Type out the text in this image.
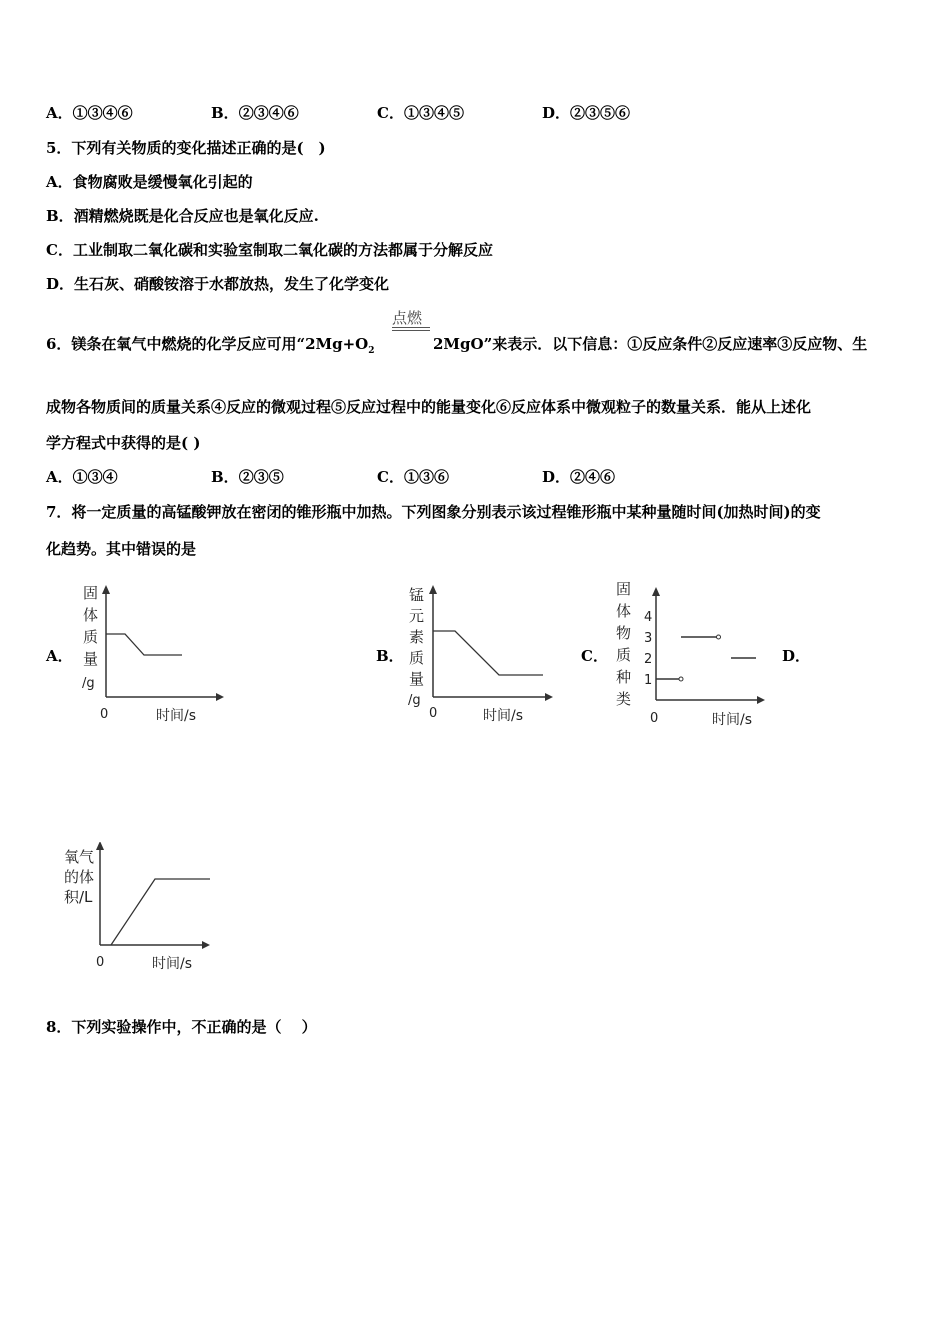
A．①③④⑥	B．②③④⑥	C．①③④⑤	D．②③⑤⑥
5．下列有关物质的变化描述正确的是(　)
A．食物腐败是缓慢氧化引起的
B．酒精燃烧既是化合反应也是氧化反应.
C．工业制取二氧化碳和实验室制取二氧化碳的方法都属于分解反应
D．生石灰、硝酸铵溶于水都放热，发生了化学变化
6．镁条在氧气中燃烧的化学反应可用“$2Mg+O_2$
点燃
2MgO”来表示．以下信息：①反应条件②反应速率③反应物、生
成物各物质间的质量关系④反应的微观过程⑤反应过程中的能量变化⑥反应体系中微观粒子的数量关系．能从上述化
学方程式中获得的是( )
A．①③④	B．②③⑤	C．①③⑥	D．②④⑥
7．将一定质量的高锰酸钾放在密闭的锥形瓶中加热。下列图象分别表示该过程锥形瓶中某种量随时间(加热时间)的变
化趋势。其中错误的是
A．	B．	C．	D．
固
体
质
量
/g
0	时间/s
锰
元
素
质
量
/g
0	时间/s
固
体
物
质
种
类
1
2
3
4
0	时间/s
氧气
的体
积/L
0	时间/s
8．下列实验操作中，不正确的是（　 ）
